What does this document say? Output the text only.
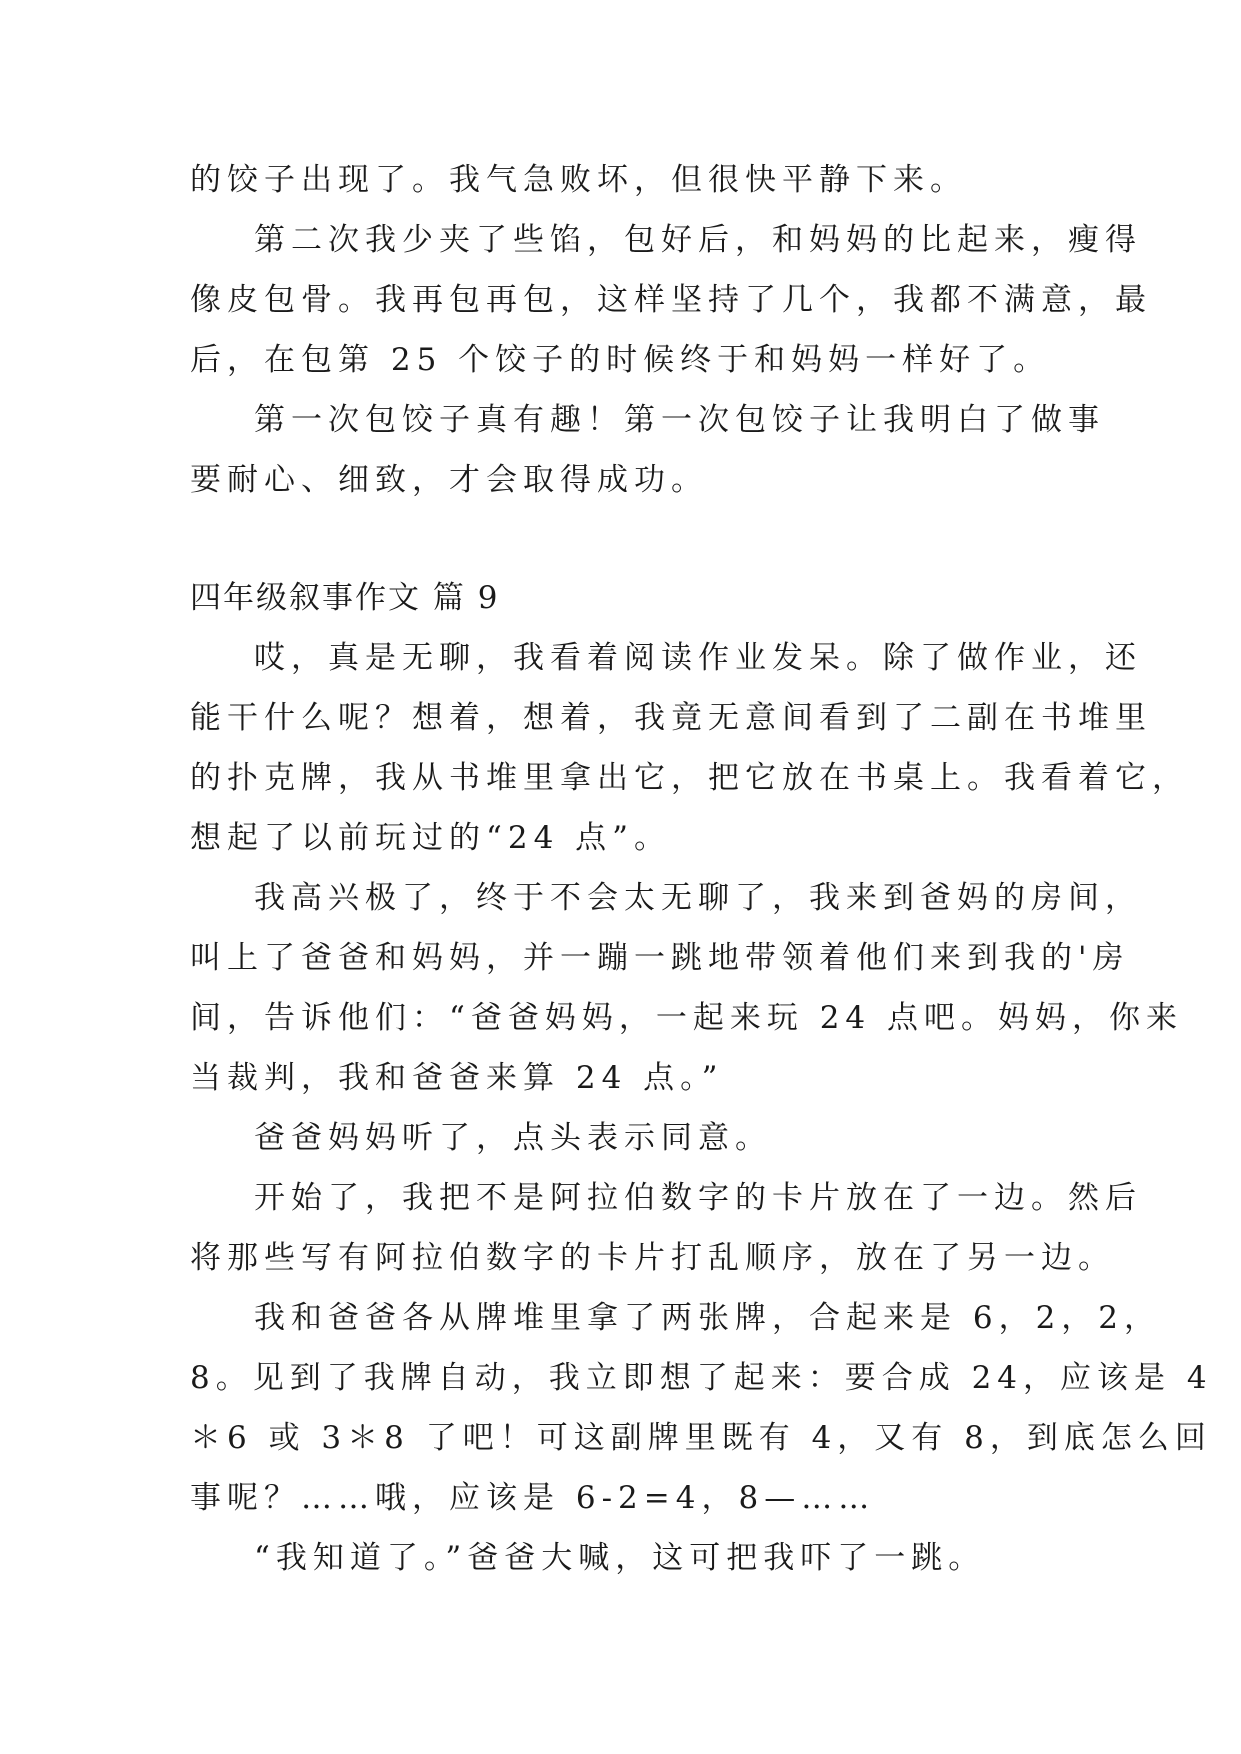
的饺子出现了。我气急败坏，但很快平静下来。
第二次我少夹了些馅，包好后，和妈妈的比起来，瘦得
像皮包骨。我再包再包，这样坚持了几个，我都不满意，最
后，在包第 25 个饺子的时候终于和妈妈一样好了。
第一次包饺子真有趣！第一次包饺子让我明白了做事
要耐心、细致，才会取得成功。
四年级叙事作文 篇 9
哎，真是无聊，我看着阅读作业发呆。除了做作业，还
能干什么呢？想着，想着，我竟无意间看到了二副在书堆里
的扑克牌，我从书堆里拿出它，把它放在书桌上。我看着它，
想起了以前玩过的“24 点”。
我高兴极了，终于不会太无聊了，我来到爸妈的房间，
叫上了爸爸和妈妈，并一蹦一跳地带领着他们来到我的'房
间，告诉他们：“爸爸妈妈，一起来玩 24 点吧。妈妈，你来
当裁判，我和爸爸来算 24 点。”
爸爸妈妈听了，点头表示同意。
开始了，我把不是阿拉伯数字的卡片放在了一边。然后
将那些写有阿拉伯数字的卡片打乱顺序，放在了另一边。
我和爸爸各从牌堆里拿了两张牌，合起来是 6，2，2，
8。见到了我牌自动，我立即想了起来：要合成 24，应该是 4
＊6 或 3＊8 了吧！可这副牌里既有 4，又有 8，到底怎么回
事呢？……哦，应该是 6-2=4，8—……
“我知道了。”爸爸大喊，这可把我吓了一跳。
